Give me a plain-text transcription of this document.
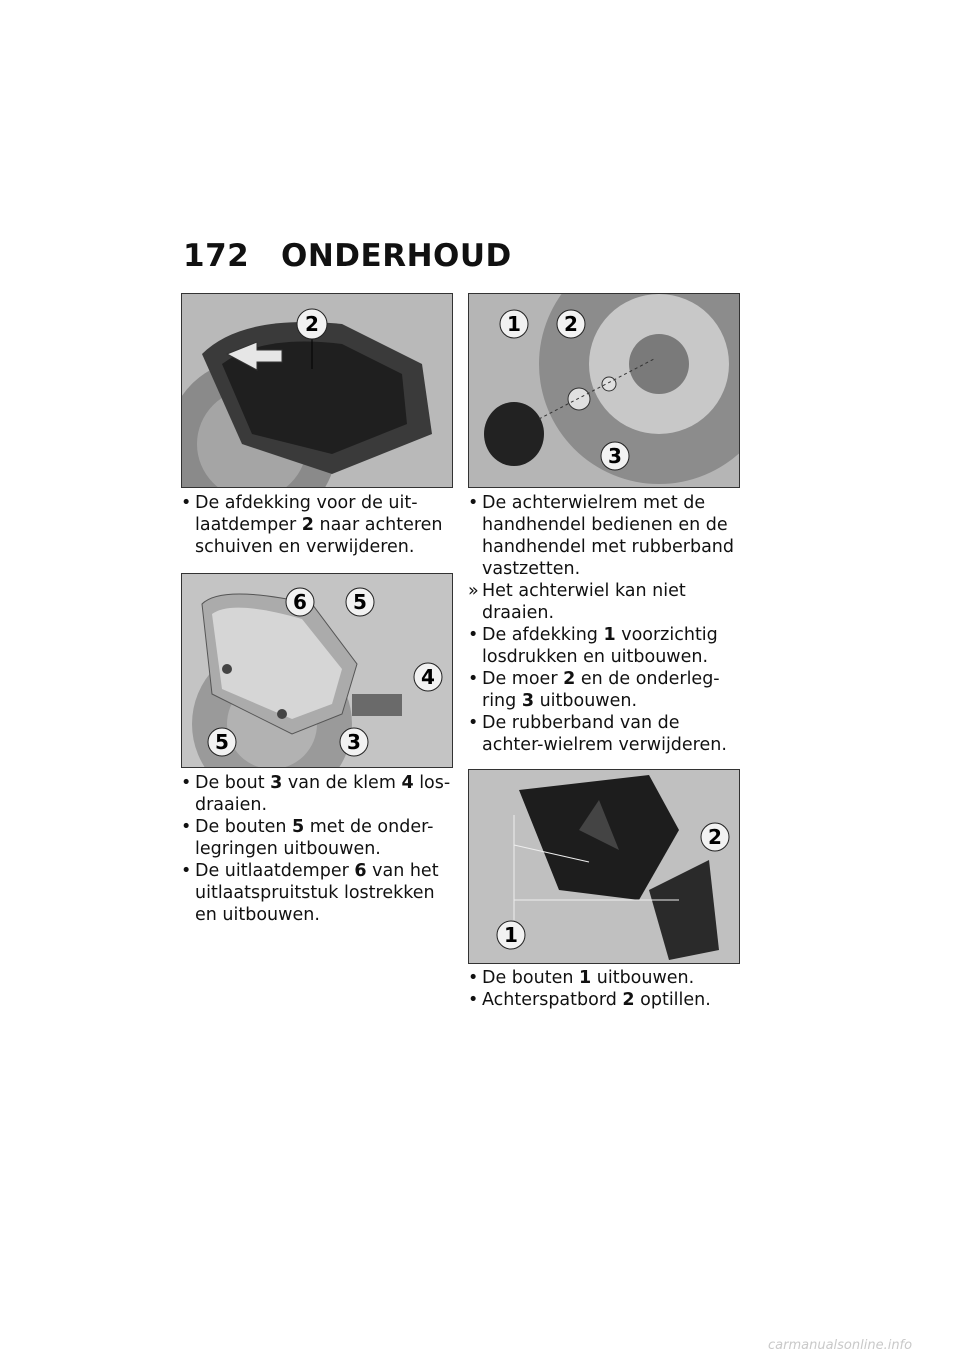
172 ONDERHOUD
2
6 5
4
5	3
1 2
3
2
1
• De afdekking voor de uit-laatdemper 2 naar achteren schuiven en verwijderen.
• De bout 3 van de klem 4 los-draaien.
• De bouten 5 met de onder-legringen uitbouwen.
• De uitlaatdemper 6 van het uitlaatspruitstuk lostrekken en uitbouwen.
• De achterwielrem met de handhendel bedienen en de handhendel met rubberband vastzetten.
» Het achterwiel kan niet draaien.
• De afdekking 1 voorzichtig losdrukken en uitbouwen.
• De moer 2 en de onderleg-ring 3 uitbouwen.
• De rubberband van de achter-wielrem verwijderen.
• De bouten 1 uitbouwen.
• Achterspatbord 2 optillen.
carmanualsonline.info
